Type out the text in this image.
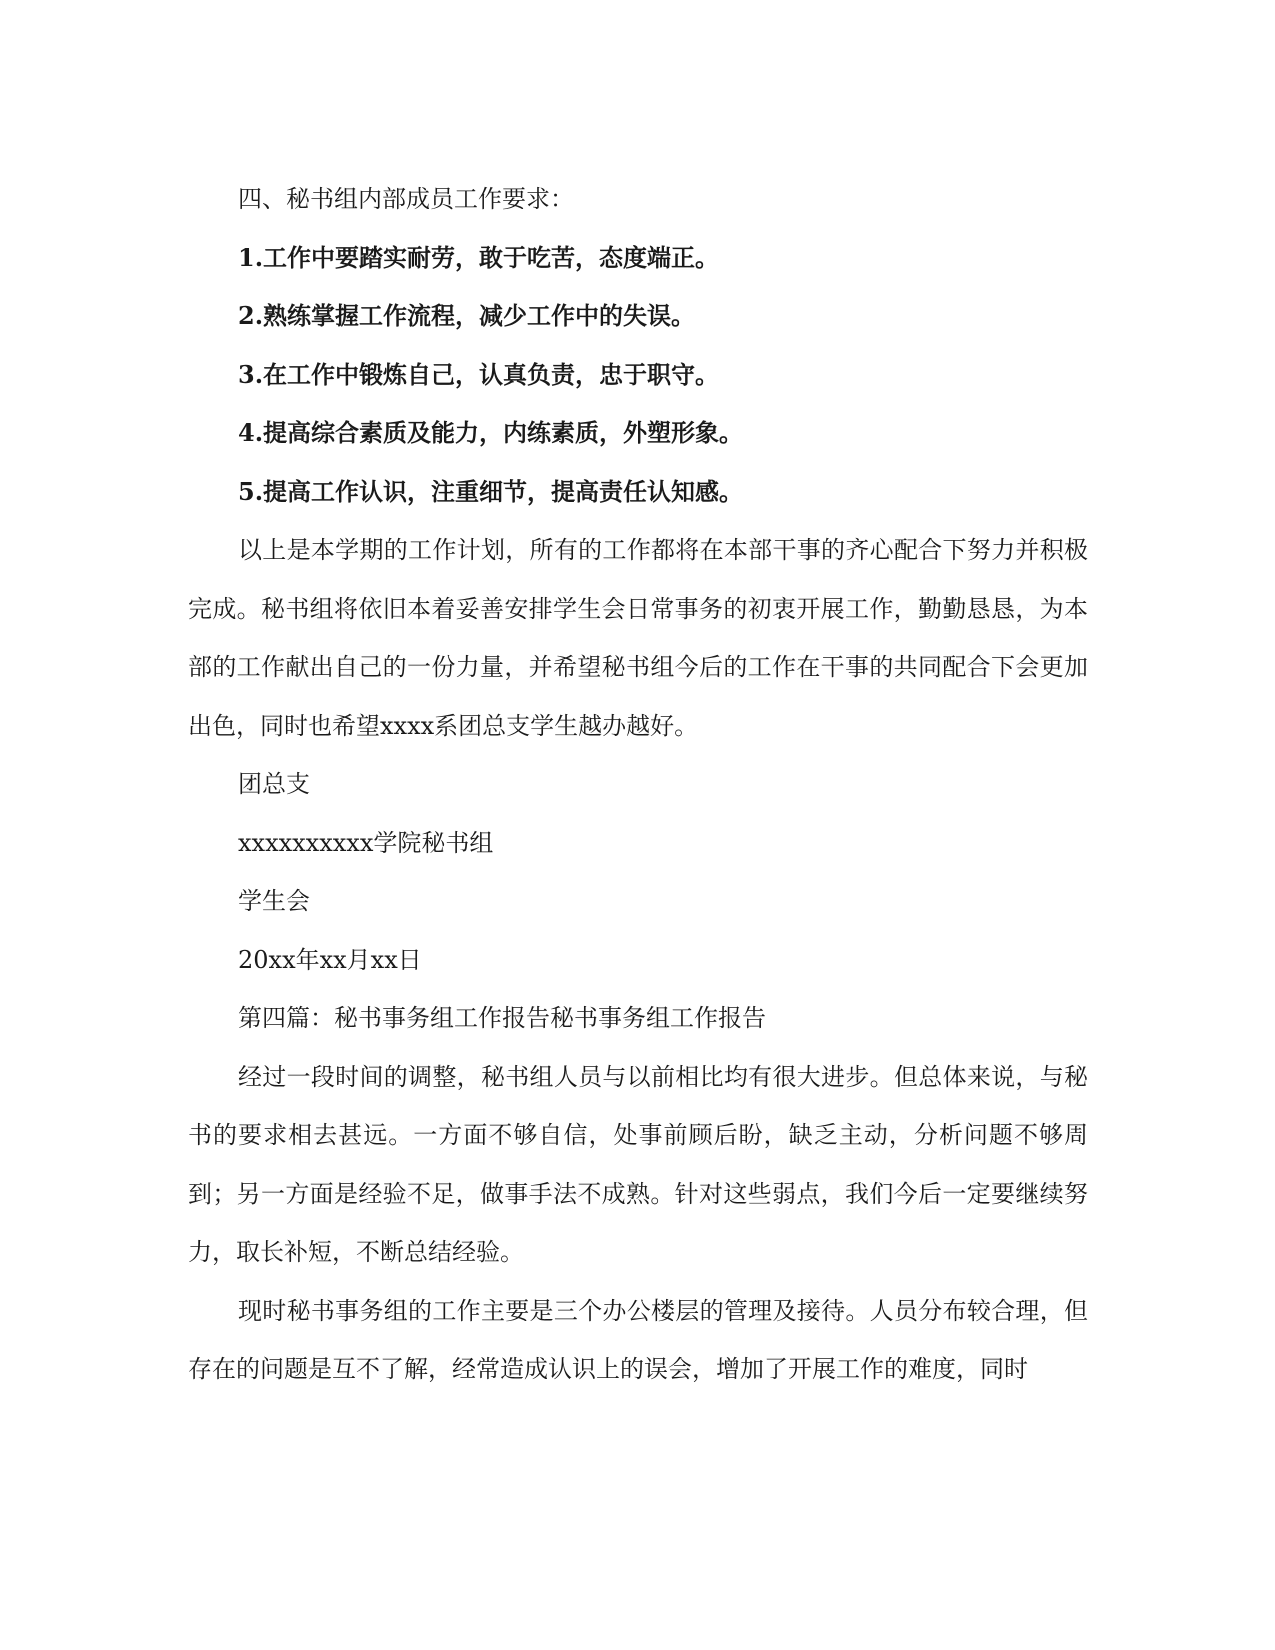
四、秘书组内部成员工作要求：
1.工作中要踏实耐劳，敢于吃苦，态度端正。
2.熟练掌握工作流程，减少工作中的失误。
3.在工作中锻炼自己，认真负责，忠于职守。
4.提高综合素质及能力，内练素质，外塑形象。
5.提高工作认识，注重细节，提高责任认知感。

以上是本学期的工作计划，所有的工作都将在本部干事的齐心配合下努力并积极完成。秘书组将依旧本着妥善安排学生会日常事务的初衷开展工作，勤勤恳恳，为本部的工作献出自己的一份力量，并希望秘书组今后的工作在干事的共同配合下会更加出色，同时也希望xxxx系团总支学生越办越好。

团总支
xxxxxxxxxx学院秘书组
学生会
20xx年xx月xx日
第四篇：秘书事务组工作报告秘书事务组工作报告

经过一段时间的调整，秘书组人员与以前相比均有很大进步。但总体来说，与秘书的要求相去甚远。一方面不够自信，处事前顾后盼，缺乏主动，分析问题不够周到；另一方面是经验不足，做事手法不成熟。针对这些弱点，我们今后一定要继续努力，取长补短，不断总结经验。

现时秘书事务组的工作主要是三个办公楼层的管理及接待。人员分布较合理，但存在的问题是互不了解，经常造成认识上的误会，增加了开展工作的难度，同时
